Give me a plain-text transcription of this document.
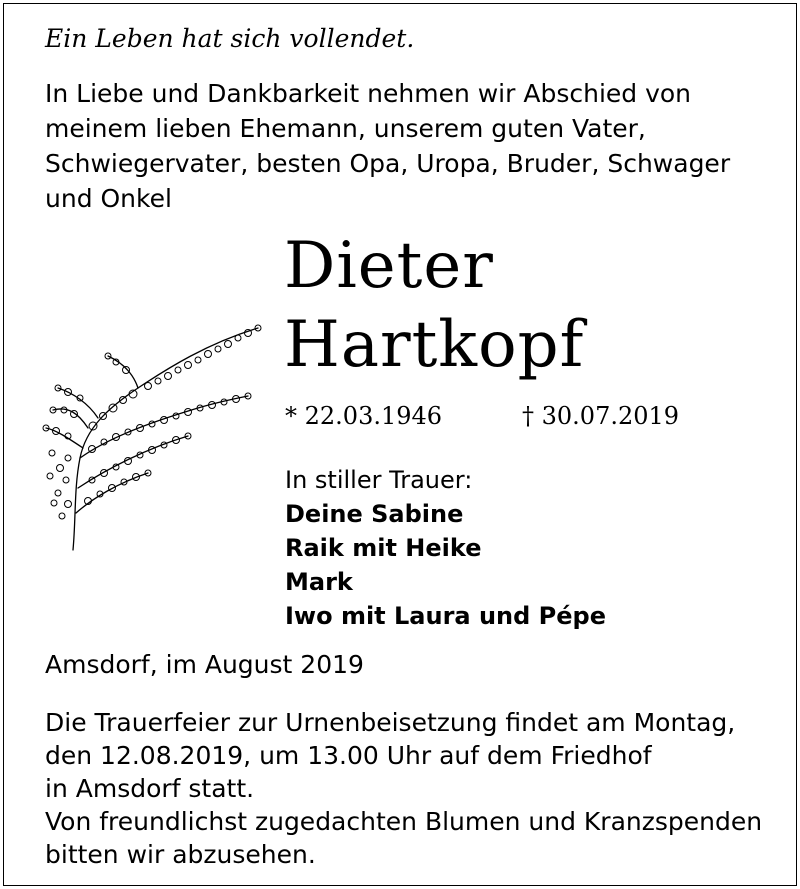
Ein Leben hat sich vollendet.
In Liebe und Dankbarkeit nehmen wir Abschied von
meinem lieben Ehemann, unserem guten Vater,
Schwiegervater, besten Opa, Uropa, Bruder, Schwager
und Onkel
Dieter
Hartkopf
* 22.03.1946	† 30.07.2019
In stiller Trauer:
Deine Sabine
Raik mit Heike
Mark
Iwo mit Laura und Pépe
Amsdorf, im August 2019
Die Trauerfeier zur Urnenbeisetzung findet am Montag,
den 12.08.2019, um 13.00 Uhr auf dem Friedhof
in Amsdorf statt.
Von freundlichst zugedachten Blumen und Kranzspenden
bitten wir abzusehen.
